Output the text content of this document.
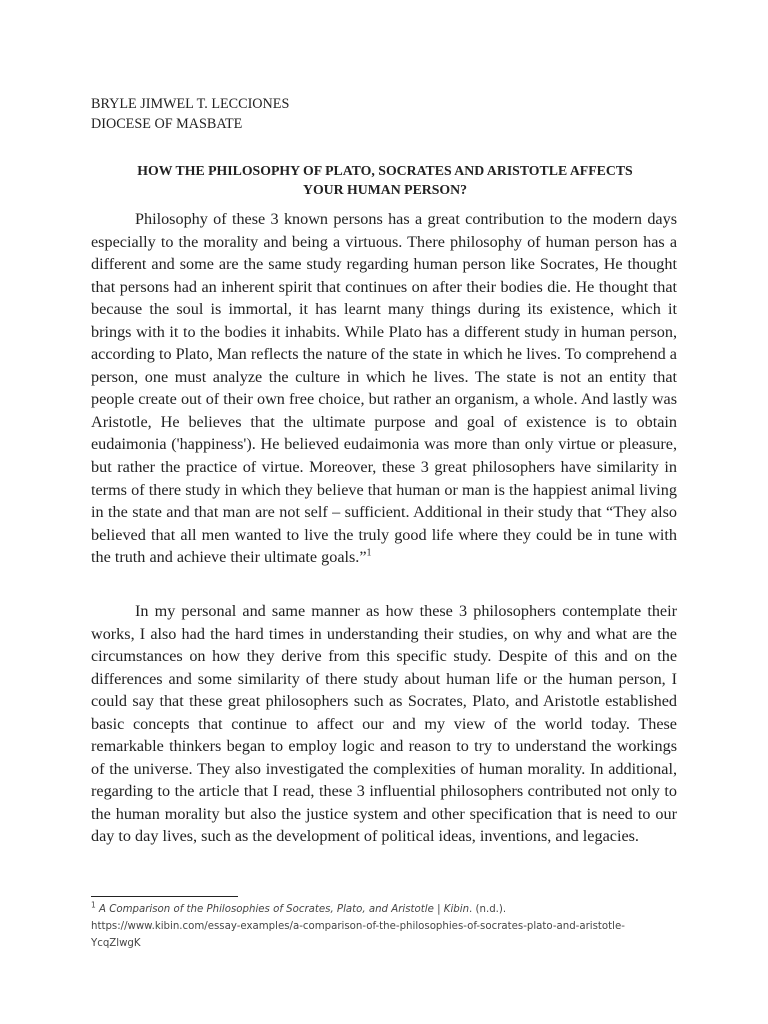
BRYLE JIMWEL T. LECCIONES
DIOCESE OF MASBATE
HOW THE PHILOSOPHY OF PLATO, SOCRATES AND ARISTOTLE AFFECTS
YOUR HUMAN PERSON?

Philosophy of these 3 known persons has a great contribution to the modern days especially to the morality and being a virtuous. There philosophy of human person has a different and some are the same study regarding human person like Socrates, He thought that persons had an inherent spirit that continues on after their bodies die. He thought that because the soul is immortal, it has learnt many things during its existence, which it brings with it to the bodies it inhabits. While Plato has a different study in human person, according to Plato, Man reflects the nature of the state in which he lives. To comprehend a person, one must analyze the culture in which he lives. The state is not an entity that people create out of their own free choice, but rather an organism, a whole. And lastly was Aristotle, He believes that the ultimate purpose and goal of existence is to obtain eudaimonia ('happiness'). He believed eudaimonia was more than only virtue or pleasure, but rather the practice of virtue. Moreover, these 3 great philosophers have similarity in terms of there study in which they believe that human or man is the happiest animal living in the state and that man are not self – sufficient. Additional in their study that “They also believed that all men wanted to live the truly good life where they could be in tune with the truth and achieve their ultimate goals.”$^1$

In my personal and same manner as how these 3 philosophers contemplate their works, I also had the hard times in understanding their studies, on why and what are the circumstances on how they derive from this specific study. Despite of this and on the differences and some similarity of there study about human life or the human person, I could say that these great philosophers such as Socrates, Plato, and Aristotle established basic concepts that continue to affect our and my view of the world today. These remarkable thinkers began to employ logic and reason to try to understand the workings of the universe. They also investigated the complexities of human morality. In additional, regarding to the article that I read, these 3 influential philosophers contributed not only to the human morality but also the justice system and other specification that is need to our day to day lives, such as the development of political ideas, inventions, and legacies.

$^1$ A Comparison of the Philosophies of Socrates, Plato, and Aristotle | Kibin. (n.d.). https://www.kibin.com/essay-examples/a-comparison-of-the-philosophies-of-socrates-plato-and-aristotle-YcqZlwgK
